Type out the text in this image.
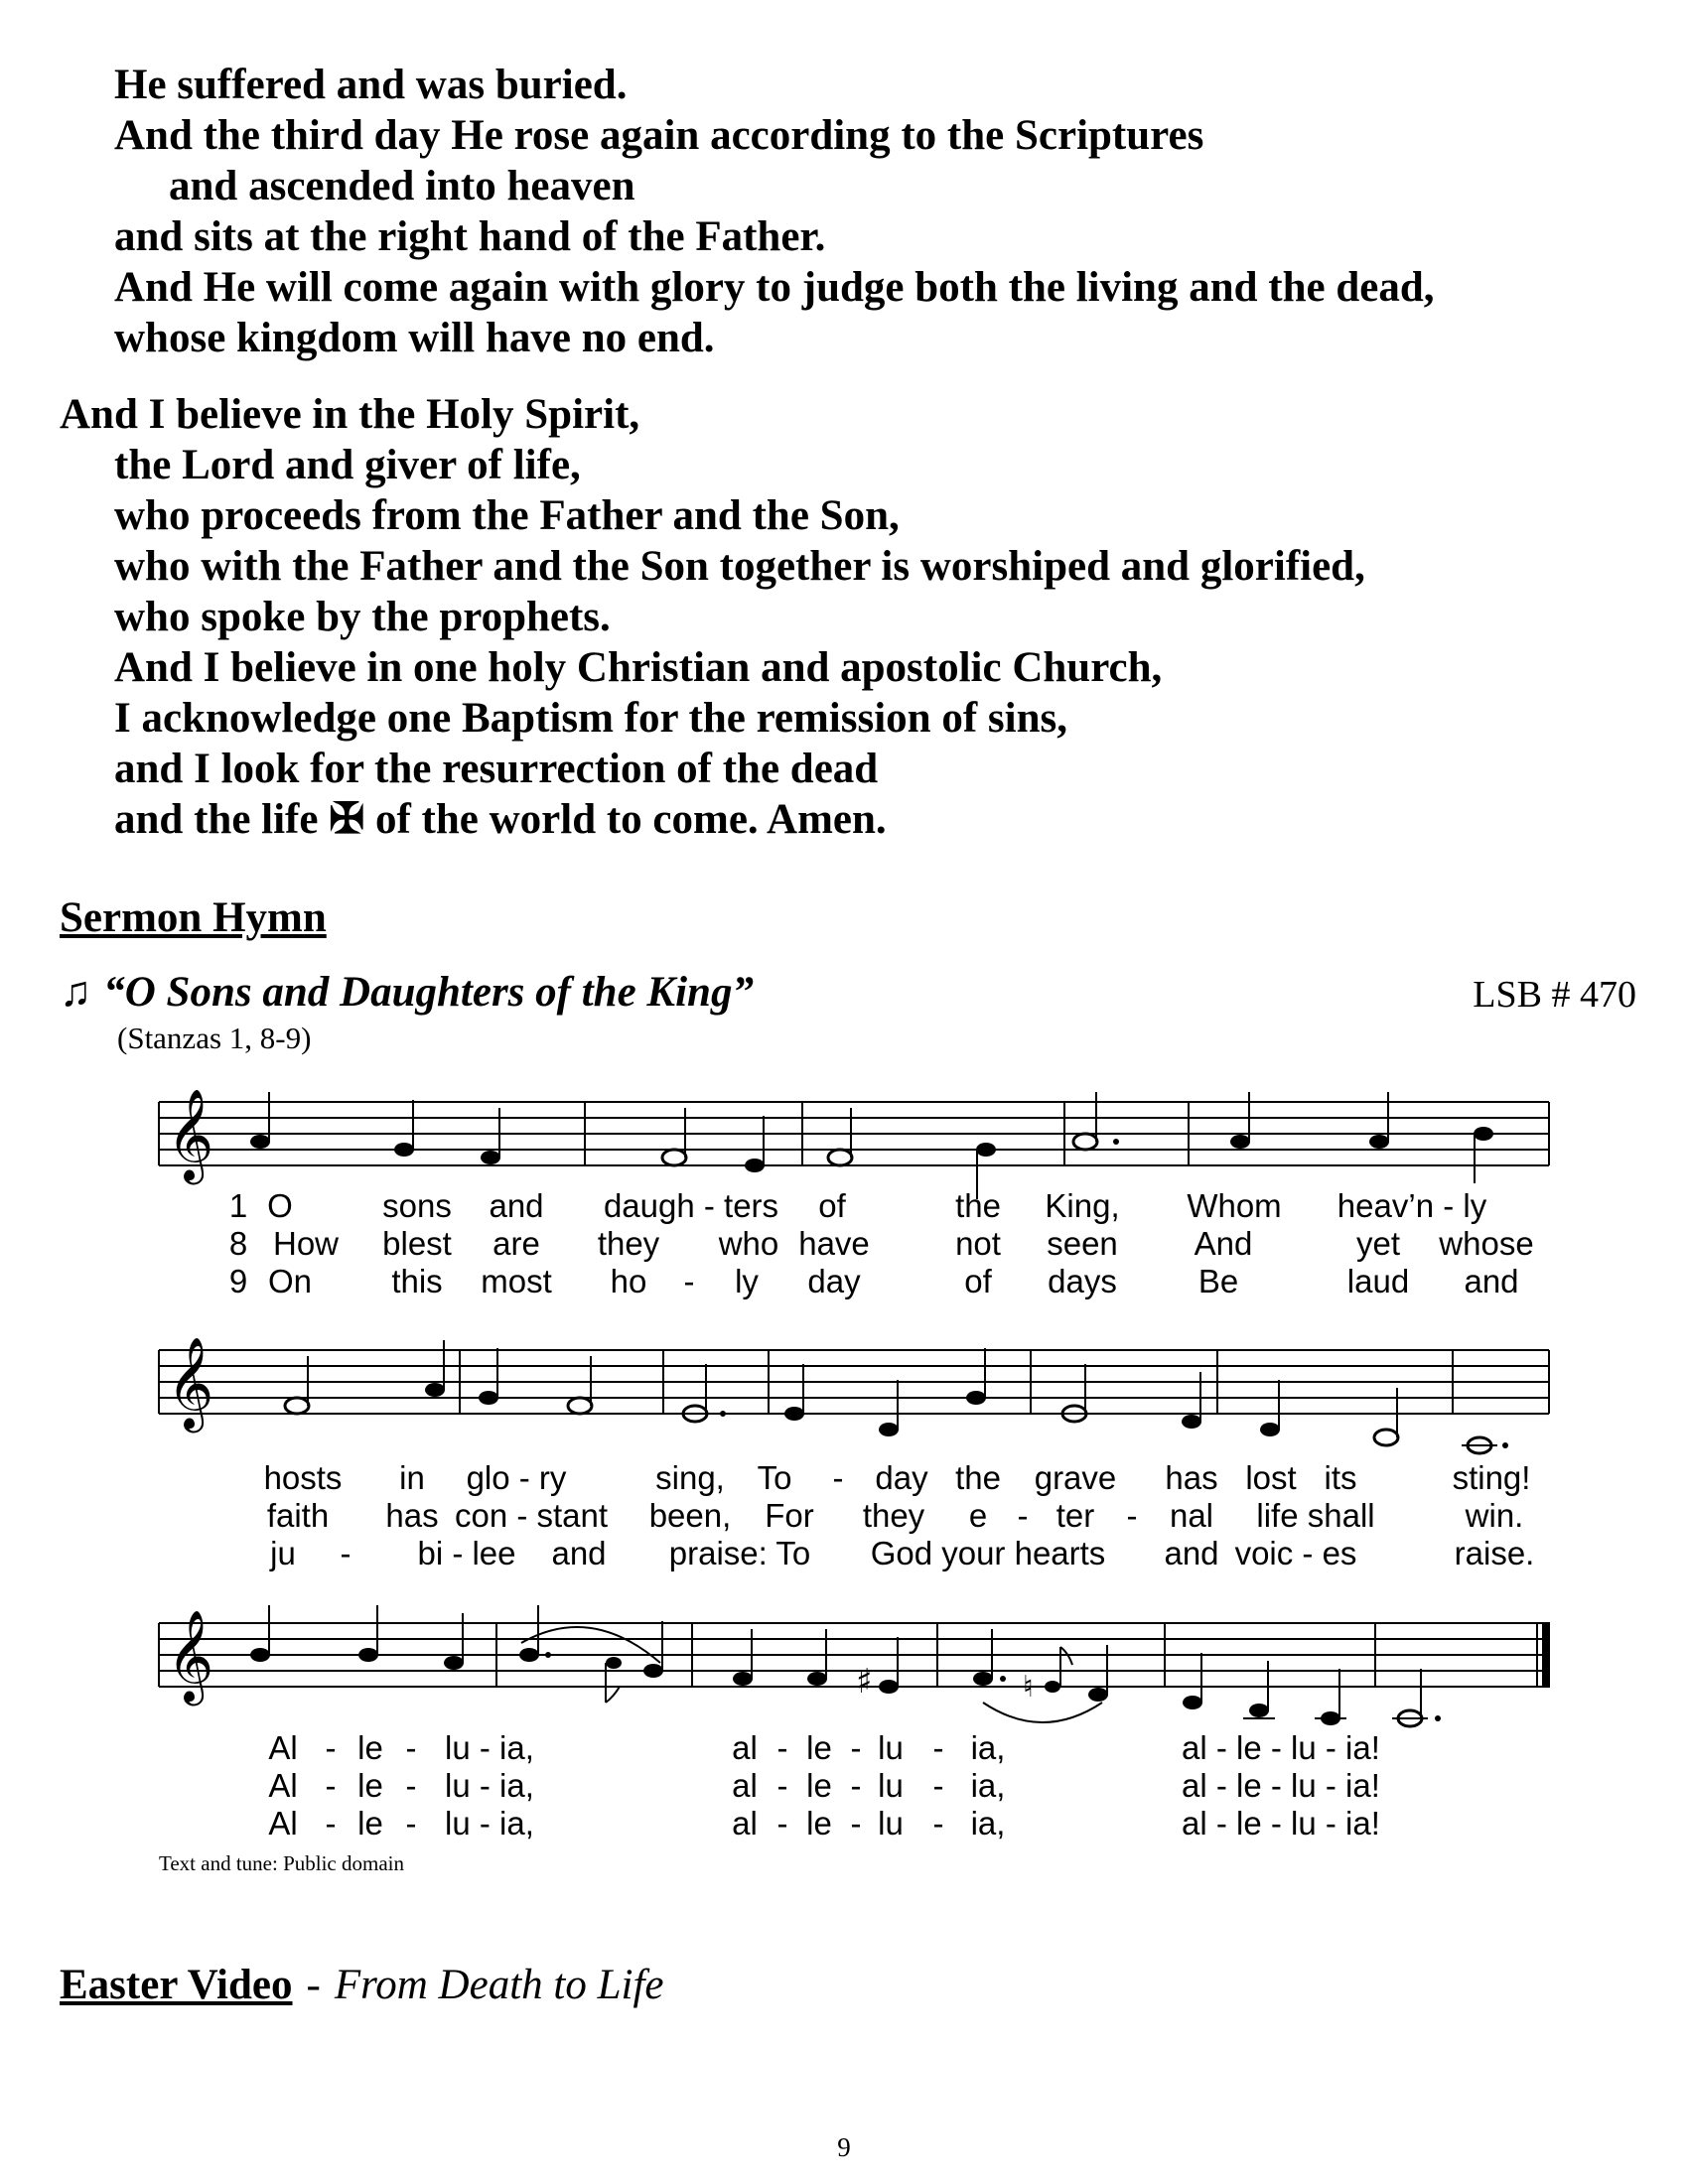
He suffered and was buried.
And the third day He rose again according to the Scriptures
and ascended into heaven
and sits at the right hand of the Father.
And He will come again with glory to judge both the living and the dead,
whose kingdom will have no end.
And I believe in the Holy Spirit,
the Lord and giver of life,
who proceeds from the Father and the Son,
who with the Father and the Son together is worshiped and glorified,
who spoke by the prophets.
And I believe in one holy Christian and apostolic Church,
I acknowledge one Baptism for the remission of sins,
and I look for the resurrection of the dead
and the life ✠ of the world to come. Amen.
Sermon Hymn
♫ “O Sons and Daughters of the King”	LSB # 470
(Stanzas 1, 8-9)
𝄞
1 O	sons and daugh - ters of	the King, Whom heav’n - ly
8 How blest are they who have	not seen And	yet whose
9 On this most ho - ly day	of days Be	laud and
𝄞
hosts in glo - ry	sing, To - day the grave has lost its	sting!
faith has con - stant been, For they e - ter - nal life shall	win.
ju - bi - lee and praise: To God your hearts and voic - es	raise.
𝄞	♯	♮
Al - le - lu - ia,	al - le - lu - ia,	al - le - lu - ia!
Al - le - lu - ia,	al - le - lu - ia,	al - le - lu - ia!
Al - le - lu - ia,	al - le - lu - ia,	al - le - lu - ia!
Text and tune: Public domain
Easter Video - From Death to Life
9
